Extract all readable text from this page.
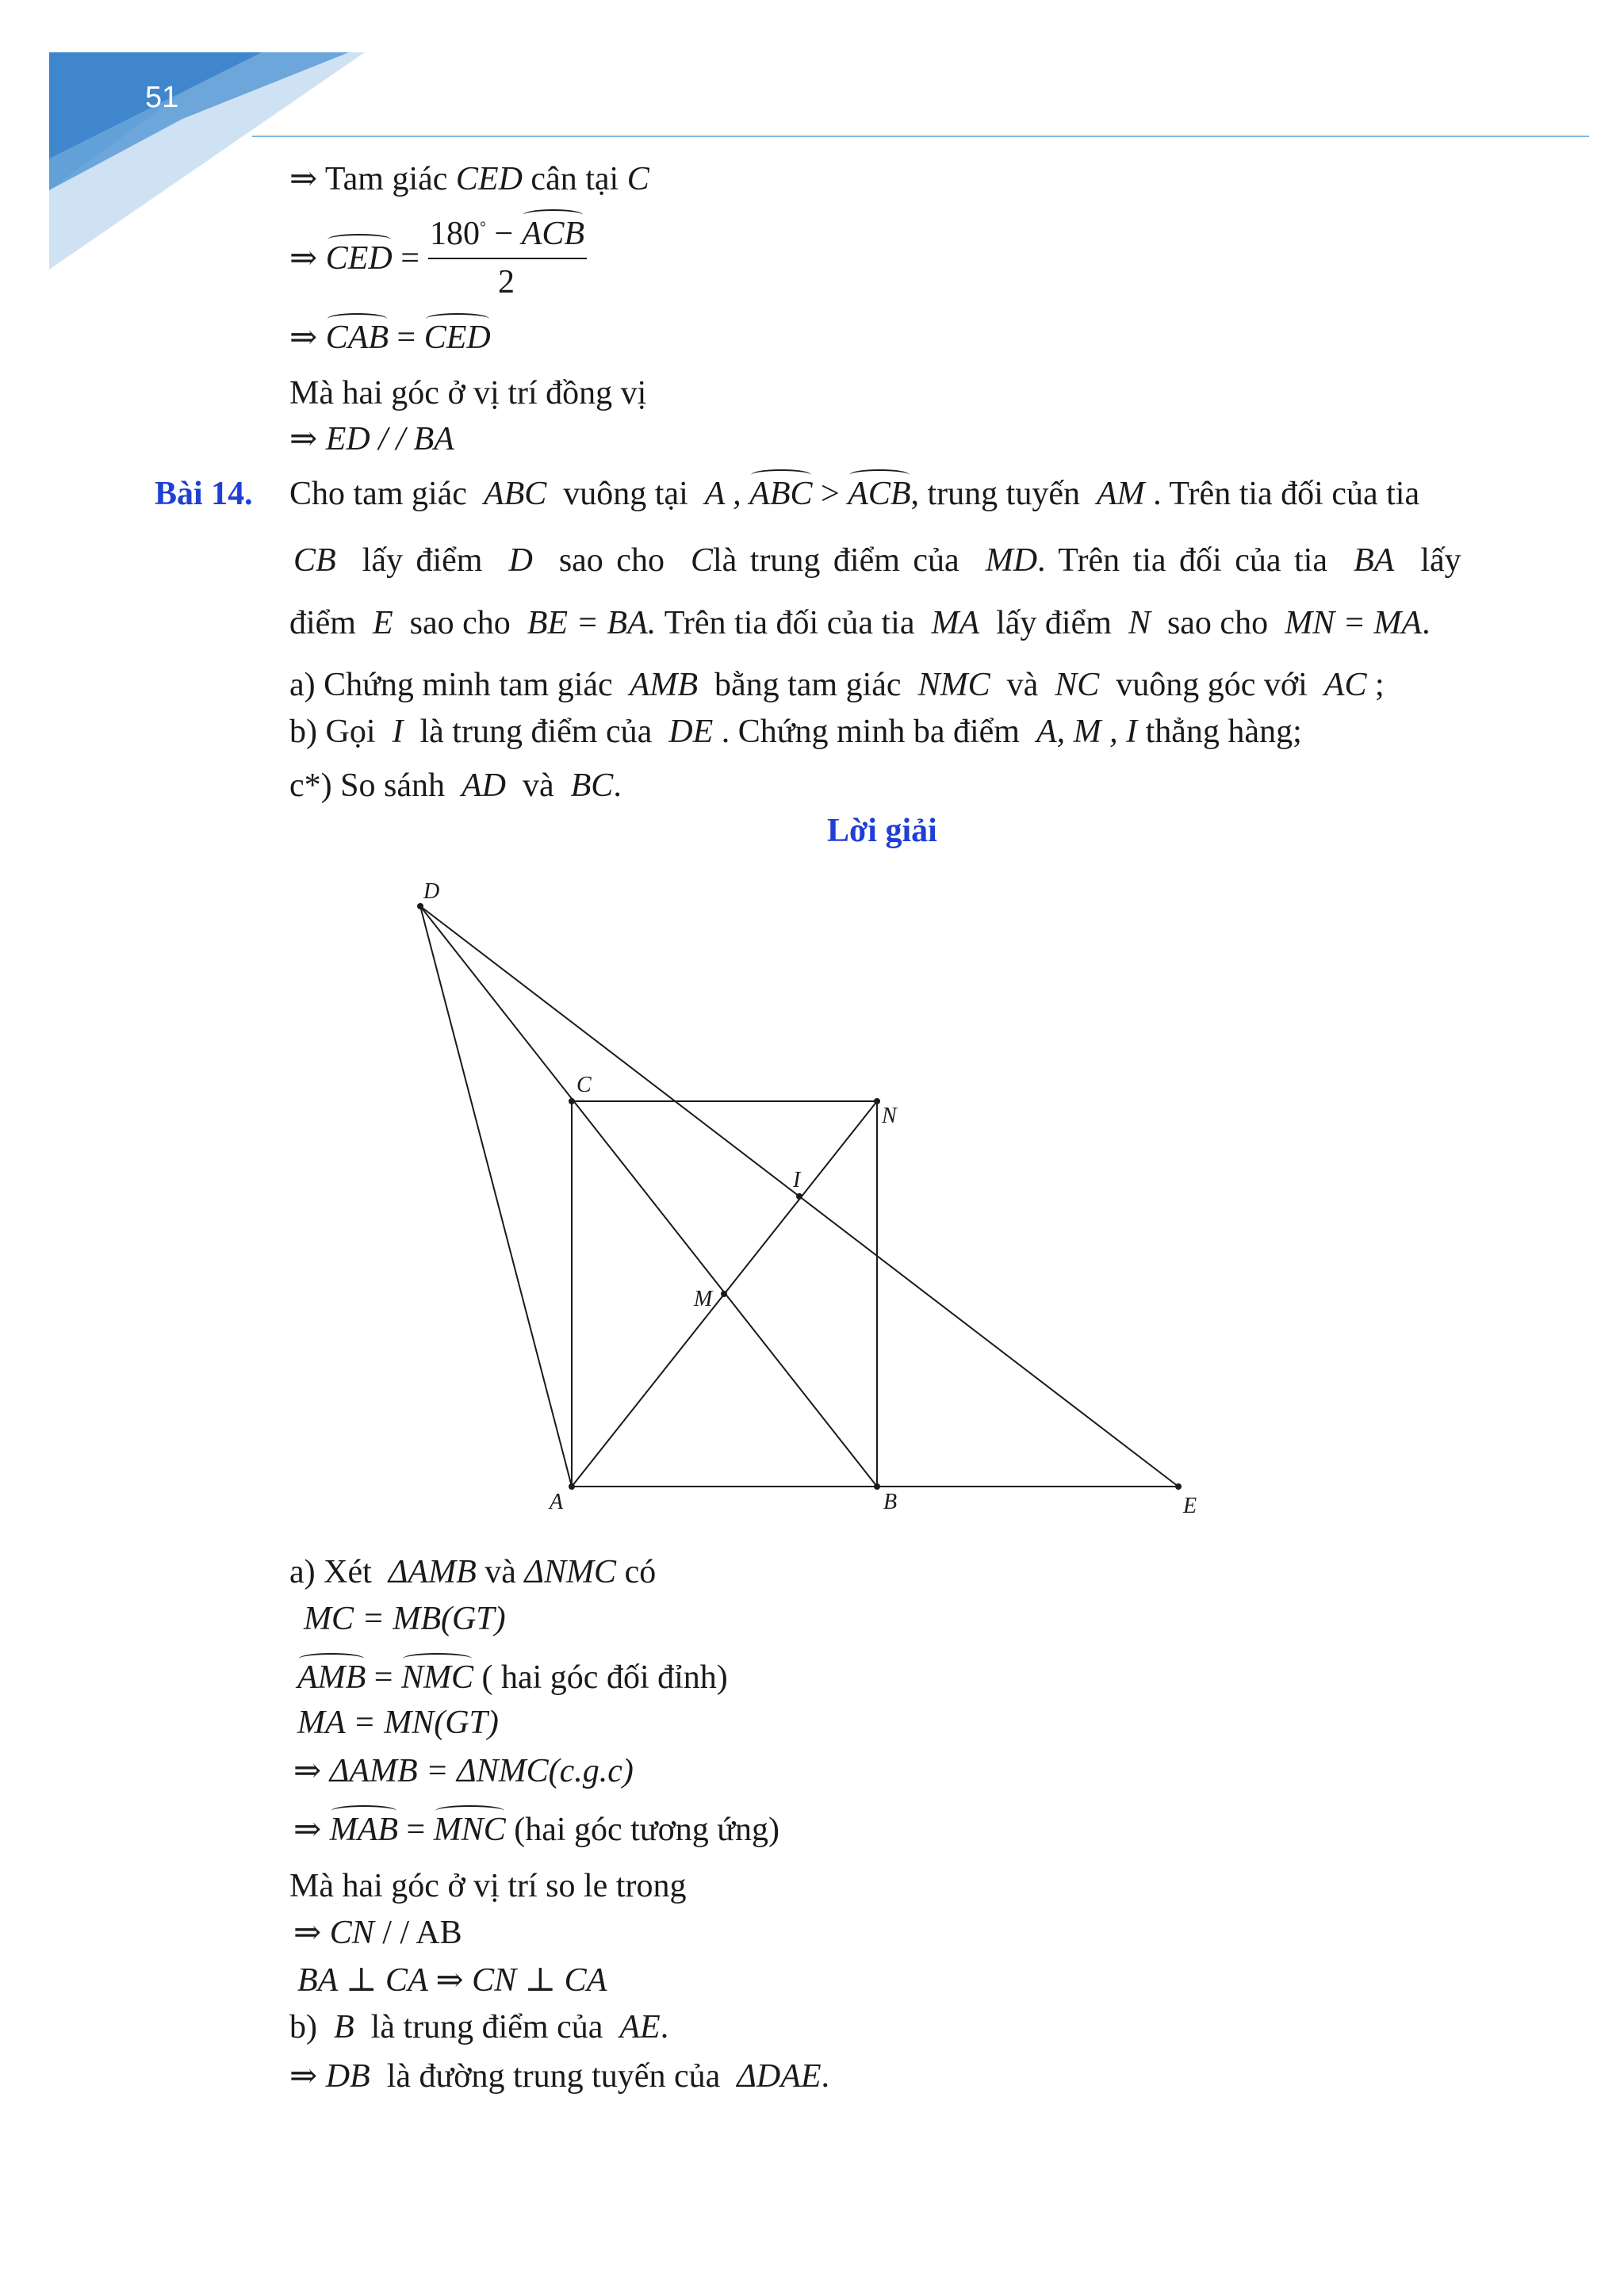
51
⇒ Tam giác CED cân tại C
⇒ CED =
180° − ACB
2
⇒ CAB = CED
Mà hai góc ở vị trí đồng vị
⇒ ED / / BA
Bài 14. Cho tam giác ABC vuông tại A , ABC > ACB, trung tuyến AM . Trên tia đối của tia
CB lấy điểm D sao cho Clà trung điểm của MD. Trên tia đối của tia BA lấy
điểm E sao cho BE = BA. Trên tia đối của tia MA lấy điểm N sao cho MN = MA.
a) Chứng minh tam giác AMB bằng tam giác NMC và NC vuông góc với AC ;
b) Gọi I là trung điểm của DE . Chứng minh ba điểm A, M , I thẳng hàng;
c*) So sánh AD và BC.
Lời giải
D
C
N
I
M
A	B	E
a) Xét ΔAMB và ΔNMC có
MC = MB(GT)
AMB = NMC ( hai góc đối đỉnh)
MA = MN(GT)
⇒ ΔAMB = ΔNMC(c.g.c)
⇒ MAB = MNC (hai góc tương ứng)
Mà hai góc ở vị trí so le trong
⇒ CN / / AB
BA ⊥ CA ⇒ CN ⊥ CA
b) B là trung điểm của AE.
⇒ DB là đường trung tuyến của ΔDAE.
